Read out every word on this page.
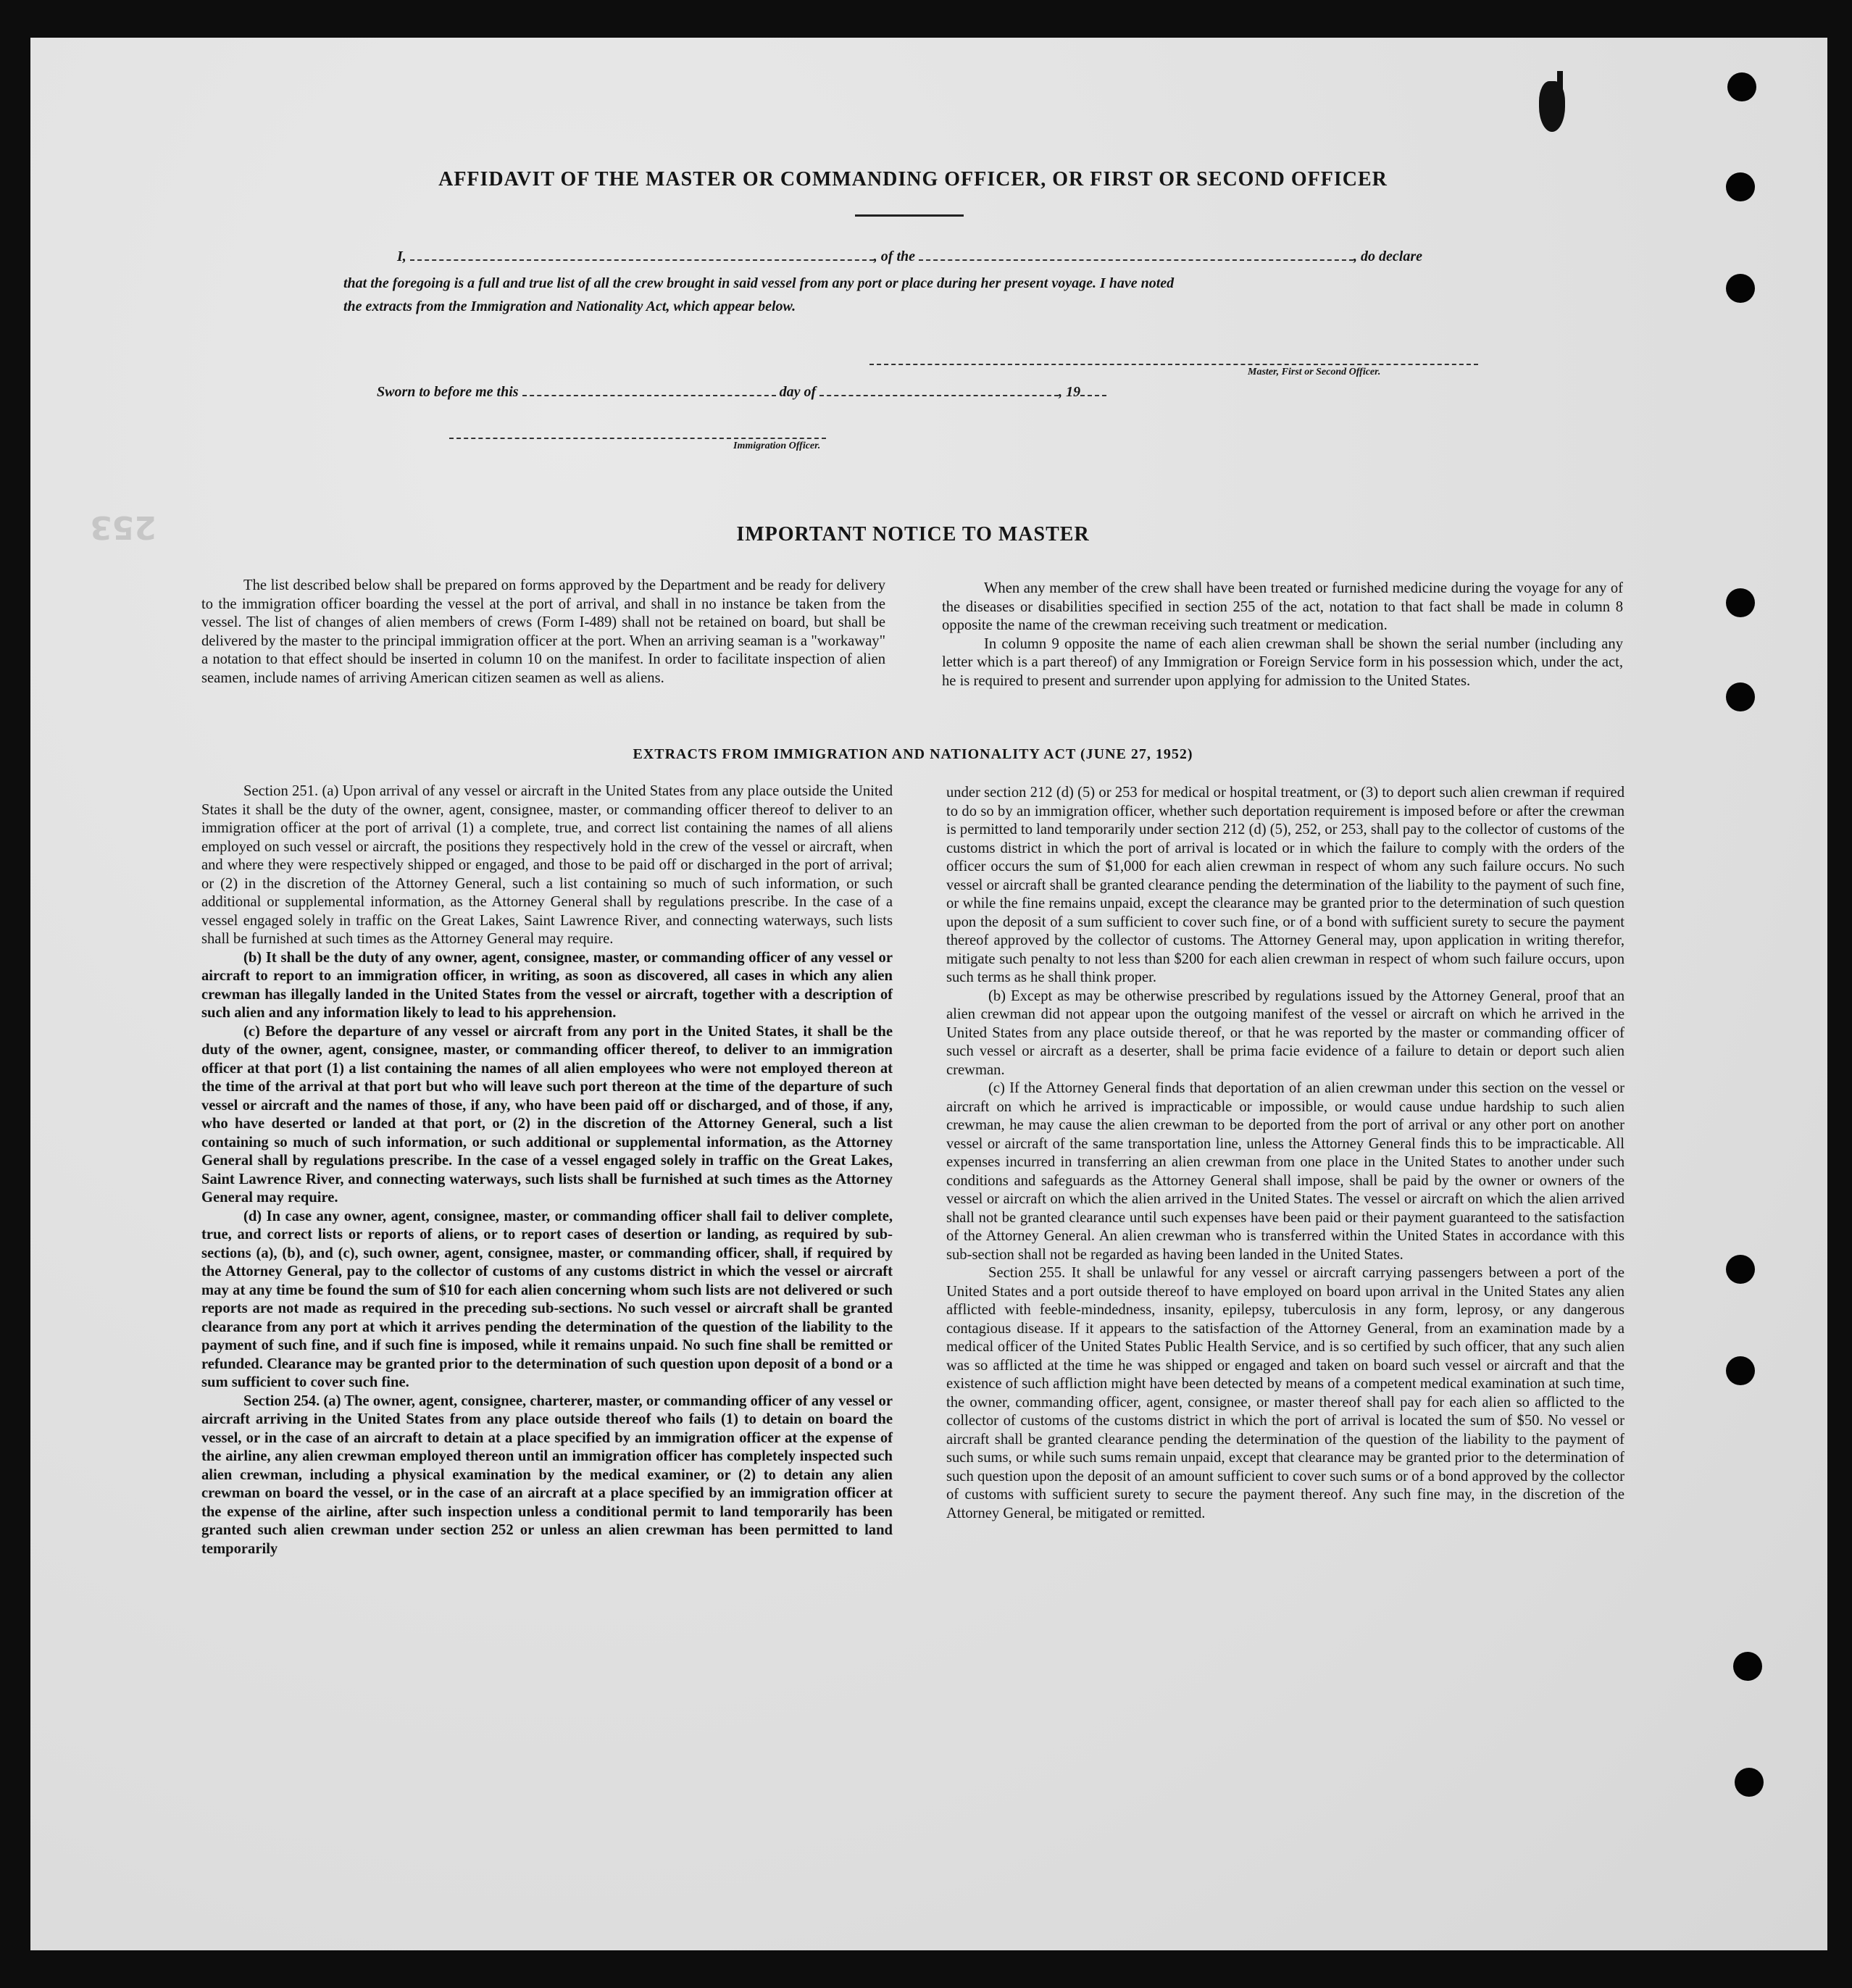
253
AFFIDAVIT OF THE MASTER OR COMMANDING OFFICER, OR FIRST OR SECOND OFFICER
I,	, of the	, do declare
that the foregoing is a full and true list of all the crew brought in said vessel from any port or place during her present voyage. I have noted
the extracts from the Immigration and Nationality Act, which appear below.
Master, First or Second Officer.
Sworn to before me this	day of	, 19
Immigration Officer.
IMPORTANT NOTICE TO MASTER

The list described below shall be prepared on forms approved by the Department and be ready for delivery to the immigration officer boarding the vessel at the port of arrival, and shall in no instance be taken from the vessel. The list of changes of alien members of crews (Form I-489) shall not be retained on board, but shall be delivered by the master to the principal immigration officer at the port. When an arriving seaman is a "workaway" a notation to that effect should be inserted in column 10 on the manifest. In order to facilitate inspection of alien seamen, include names of arriving American citizen seamen as well as aliens.

When any member of the crew shall have been treated or furnished medicine during the voyage for any of the diseases or disabilities specified in section 255 of the act, notation to that fact shall be made in column 8 opposite the name of the crewman receiving such treatment or medication.

In column 9 opposite the name of each alien crewman shall be shown the serial number (including any letter which is a part thereof) of any Immigration or Foreign Service form in his possession which, under the act, he is required to present and surrender upon applying for admission to the United States.

EXTRACTS FROM IMMIGRATION AND NATIONALITY ACT (JUNE 27, 1952)

Section 251. (a) Upon arrival of any vessel or aircraft in the United States from any place outside the United States it shall be the duty of the owner, agent, consignee, master, or commanding officer thereof to deliver to an immigration officer at the port of arrival (1) a complete, true, and correct list containing the names of all aliens employed on such vessel or aircraft, the positions they respectively hold in the crew of the vessel or aircraft, when and where they were respectively shipped or engaged, and those to be paid off or discharged in the port of arrival; or (2) in the discretion of the Attorney General, such a list containing so much of such information, or such additional or supplemental information, as the Attorney General shall by regulations prescribe. In the case of a vessel engaged solely in traffic on the Great Lakes, Saint Lawrence River, and connecting waterways, such lists shall be furnished at such times as the Attorney General may require.

(b) It shall be the duty of any owner, agent, consignee, master, or commanding officer of any vessel or aircraft to report to an immigration officer, in writing, as soon as discovered, all cases in which any alien crewman has illegally landed in the United States from the vessel or aircraft, together with a description of such alien and any information likely to lead to his apprehension.

(c) Before the departure of any vessel or aircraft from any port in the United States, it shall be the duty of the owner, agent, consignee, master, or commanding officer thereof, to deliver to an immigration officer at that port (1) a list containing the names of all alien employees who were not employed thereon at the time of the arrival at that port but who will leave such port thereon at the time of the departure of such vessel or aircraft and the names of those, if any, who have been paid off or discharged, and of those, if any, who have deserted or landed at that port, or (2) in the discretion of the Attorney General, such a list containing so much of such information, or such additional or supplemental information, as the Attorney General shall by regulations prescribe. In the case of a vessel engaged solely in traffic on the Great Lakes, Saint Lawrence River, and connecting waterways, such lists shall be furnished at such times as the Attorney General may require.

(d) In case any owner, agent, consignee, master, or commanding officer shall fail to deliver complete, true, and correct lists or reports of aliens, or to report cases of desertion or landing, as required by sub-sections (a), (b), and (c), such owner, agent, consignee, master, or commanding officer, shall, if required by the Attorney General, pay to the collector of customs of any customs district in which the vessel or aircraft may at any time be found the sum of $10 for each alien concerning whom such lists are not delivered or such reports are not made as required in the preceding sub-sections. No such vessel or aircraft shall be granted clearance from any port at which it arrives pending the determination of the question of the liability to the payment of such fine, and if such fine is imposed, while it remains unpaid. No such fine shall be remitted or refunded. Clearance may be granted prior to the determination of such question upon deposit of a bond or a sum sufficient to cover such fine.

Section 254. (a) The owner, agent, consignee, charterer, master, or commanding officer of any vessel or aircraft arriving in the United States from any place outside thereof who fails (1) to detain on board the vessel, or in the case of an aircraft to detain at a place specified by an immigration officer at the expense of the airline, any alien crewman employed thereon until an immigration officer has completely inspected such alien crewman, including a physical examination by the medical examiner, or (2) to detain any alien crewman on board the vessel, or in the case of an aircraft at a place specified by an immigration officer at the expense of the airline, after such inspection unless a conditional permit to land temporarily has been granted such alien crewman under section 252 or unless an alien crewman has been permitted to land temporarily

under section 212 (d) (5) or 253 for medical or hospital treatment, or (3) to deport such alien crewman if required to do so by an immigration officer, whether such deportation requirement is imposed before or after the crewman is permitted to land temporarily under section 212 (d) (5), 252, or 253, shall pay to the collector of customs of the customs district in which the port of arrival is located or in which the failure to comply with the orders of the officer occurs the sum of $1,000 for each alien crewman in respect of whom any such failure occurs. No such vessel or aircraft shall be granted clearance pending the determination of the liability to the payment of such fine, or while the fine remains unpaid, except the clearance may be granted prior to the determination of such question upon the deposit of a sum sufficient to cover such fine, or of a bond with sufficient surety to secure the payment thereof approved by the collector of customs. The Attorney General may, upon application in writing therefor, mitigate such penalty to not less than $200 for each alien crewman in respect of whom such failure occurs, upon such terms as he shall think proper.

(b) Except as may be otherwise prescribed by regulations issued by the Attorney General, proof that an alien crewman did not appear upon the outgoing manifest of the vessel or aircraft on which he arrived in the United States from any place outside thereof, or that he was reported by the master or commanding officer of such vessel or aircraft as a deserter, shall be prima facie evidence of a failure to detain or deport such alien crewman.

(c) If the Attorney General finds that deportation of an alien crewman under this section on the vessel or aircraft on which he arrived is impracticable or impossible, or would cause undue hardship to such alien crewman, he may cause the alien crewman to be deported from the port of arrival or any other port on another vessel or aircraft of the same transportation line, unless the Attorney General finds this to be impracticable. All expenses incurred in transferring an alien crewman from one place in the United States to another under such conditions and safeguards as the Attorney General shall impose, shall be paid by the owner or owners of the vessel or aircraft on which the alien arrived in the United States. The vessel or aircraft on which the alien arrived shall not be granted clearance until such expenses have been paid or their payment guaranteed to the satisfaction of the Attorney General. An alien crewman who is transferred within the United States in accordance with this sub-section shall not be regarded as having been landed in the United States.

Section 255. It shall be unlawful for any vessel or aircraft carrying passengers between a port of the United States and a port outside thereof to have employed on board upon arrival in the United States any alien afflicted with feeble-mindedness, insanity, epilepsy, tuberculosis in any form, leprosy, or any dangerous contagious disease. If it appears to the satisfaction of the Attorney General, from an examination made by a medical officer of the United States Public Health Service, and is so certified by such officer, that any such alien was so afflicted at the time he was shipped or engaged and taken on board such vessel or aircraft and that the existence of such affliction might have been detected by means of a competent medical examination at such time, the owner, commanding officer, agent, consignee, or master thereof shall pay for each alien so afflicted to the collector of customs of the customs district in which the port of arrival is located the sum of $50. No vessel or aircraft shall be granted clearance pending the determination of the question of the liability to the payment of such sums, or while such sums remain unpaid, except that clearance may be granted prior to the determination of such question upon the deposit of an amount sufficient to cover such sums or of a bond approved by the collector of customs with sufficient surety to secure the payment thereof. Any such fine may, in the discretion of the Attorney General, be mitigated or remitted.
